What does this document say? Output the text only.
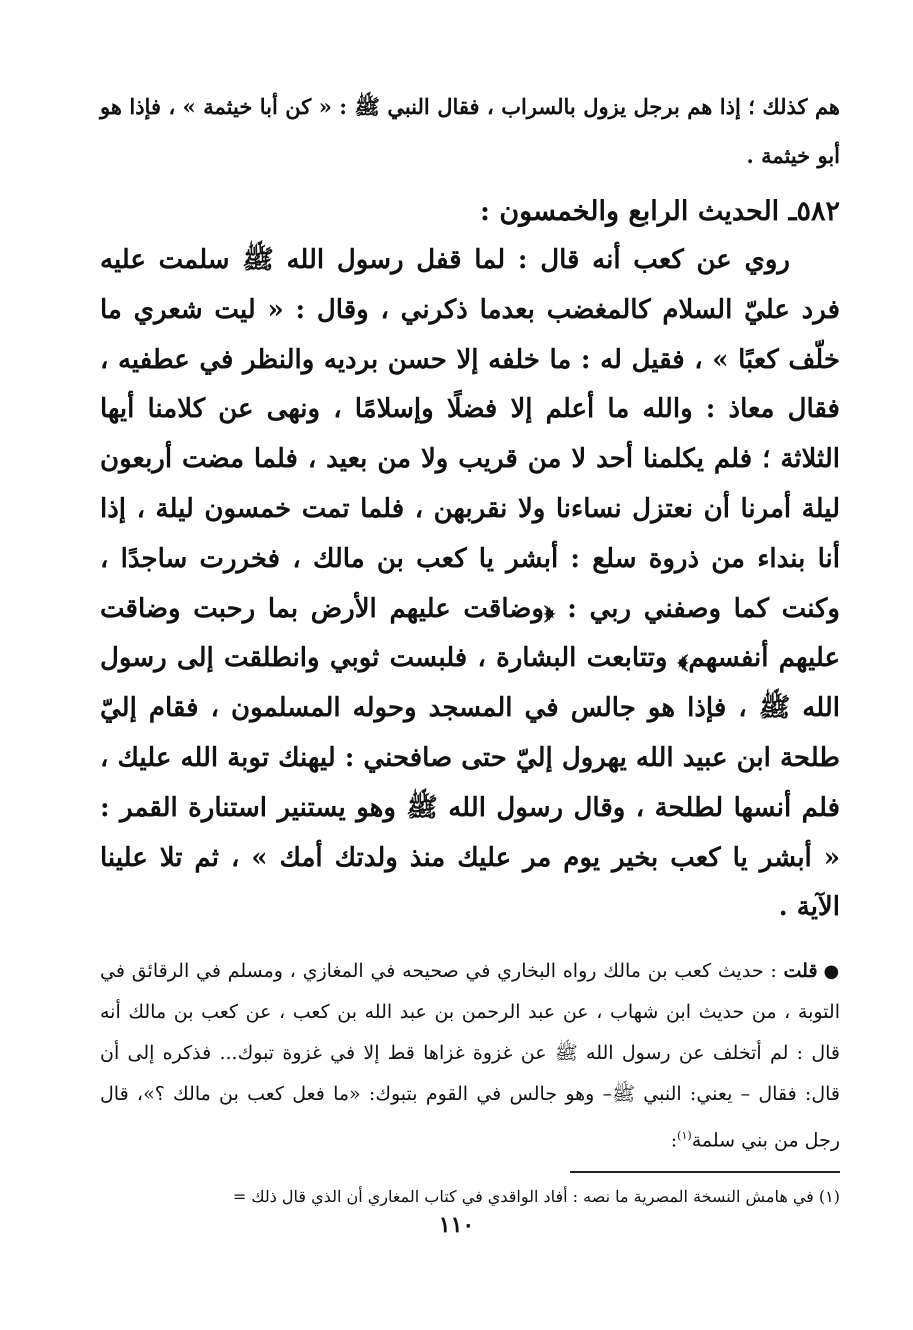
هم كذلك ؛ إذا هم برجل يزول بالسراب ، فقال النبي ﷺ : « كن أبا خيثمة » ، فإذا هو أبو خيثمة .

٥٨٢ـ الحديث الرابع والخمسون :

روي عن كعب أنه قال : لما قفل رسول الله ﷺ سلمت عليه فرد عليّ السلام كالمغضب بعدما ذكرني ، وقال : « ليت شعري ما خلّف كعبًا » ، فقيل له : ما خلفه إلا حسن برديه والنظر في عطفيه ، فقال معاذ : والله ما أعلم إلا فضلًا وإسلامًا ، ونهى عن كلامنا أيها الثلاثة ؛ فلم يكلمنا أحد لا من قريب ولا من بعيد ، فلما مضت أربعون ليلة أمرنا أن نعتزل نساءنا ولا نقربهن ، فلما تمت خمسون ليلة ، إذا أنا بنداء من ذروة سلع : أبشر يا كعب بن مالك ، فخررت ساجدًا ، وكنت كما وصفني ربي : ﴿وضاقت عليهم الأرض بما رحبت وضاقت عليهم أنفسهم﴾ وتتابعت البشارة ، فلبست ثوبي وانطلقت إلى رسول الله ﷺ ، فإذا هو جالس في المسجد وحوله المسلمون ، فقام إليّ طلحة ابن عبيد الله يهرول إليّ حتى صافحني : ليهنك توبة الله عليك ، فلم أنسها لطلحة ، وقال رسول الله ﷺ وهو يستنير استنارة القمر : « أبشر يا كعب بخير يوم مر عليك منذ ولدتك أمك » ، ثم تلا علينا الآية .

●قلت : حديث كعب بن مالك رواه البخاري في صحيحه في المغازي ، ومسلم في الرقائق في التوبة ، من حديث ابن شهاب ، عن عبد الرحمن بن عبد الله بن كعب ، عن كعب بن مالك أنه قال : لم أتخلف عن رسول الله ﷺ عن غزوة غزاها قط إلا في غزوة تبوك... فذكره إلى أن قال: فقال – يعني: النبي ﷺ– وهو جالس في القوم بتبوك: «ما فعل كعب بن مالك ؟»، قال رجل من بني سلمة$^{(١)}$:
(١) في هامش النسخة المصرية ما نصه : أفاد الواقدي في كتاب المغاري أن الذي قال ذلك =
١١٠
